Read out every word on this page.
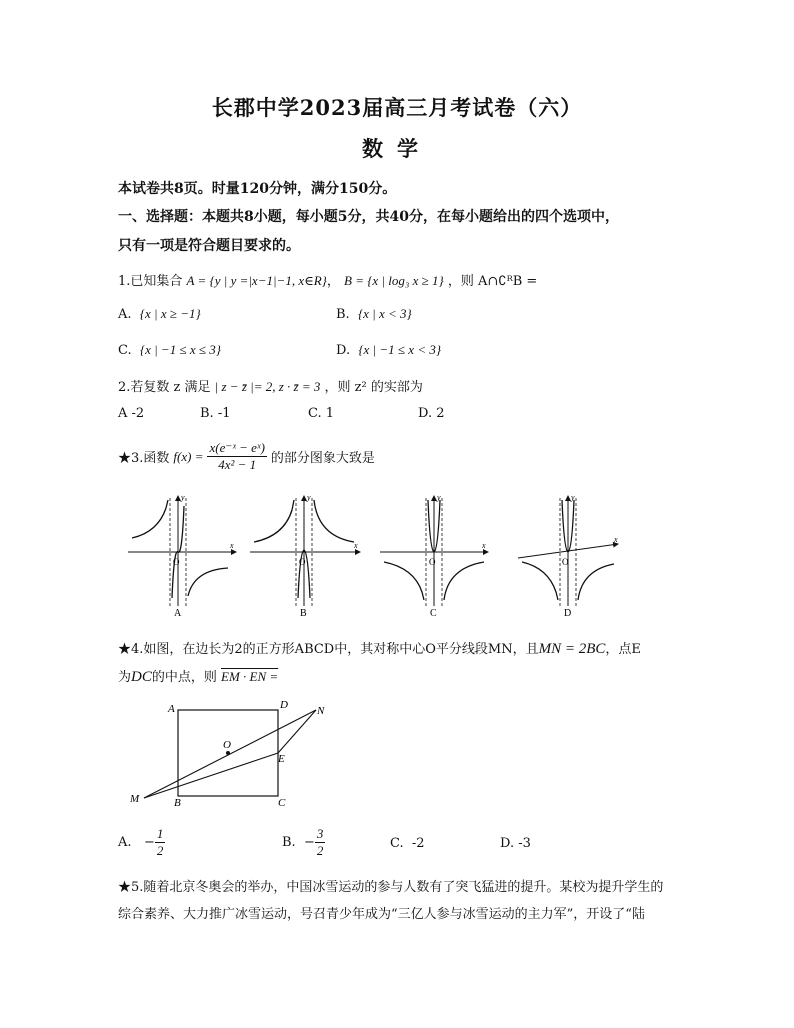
长郡中学2023届高三月考试卷（六）
数学
本试卷共8页。时量120分钟，满分150分。
一、选择题：本题共8小题，每小题5分，共40分，在每小题给出的四个选项中，
只有一项是符合题目要求的。
1.已知集合 A = {y | y =|x−1|−1, x∈R}， B = {x | log₃ x ≥ 1} ，则 A∩∁ᴿB =
A. {x | x ≥ −1}	B. {x | x < 3}
C. {x | −1 ≤ x ≤ 3}	D. {x | −1 ≤ x < 3}
2.若复数 z 满足 | z − z̄ |= 2, z · z̄ = 3 ，则 z² 的实部为
A -2	B. -1	C. 1	D. 2
★3.函数 $f(x) = \frac{\text{x(e⁻ˣ − eˣ)}}{\text{4x² − 1}}$ 的部分图象大致是
O
x
y
A
O
x
y
B
O
x
y
C
O
x
y
D
★4.如图，在边长为2的正方形ABCD中，其对称中心O平分线段MN，且MN = 2BC，点E
为DC的中点，则 EM · EN =
A	D	N
O
E
M	B	C
A.
− $\frac{1}{2}$	B.
− $\frac{3}{2}$	C. -2	D. -3
★5.随着北京冬奥会的举办，中国冰雪运动的参与人数有了突飞猛进的提升。某校为提升学生的
综合素养、大力推广冰雪运动，号召青少年成为“三亿人参与冰雪运动的主力军”，开设了“陆
